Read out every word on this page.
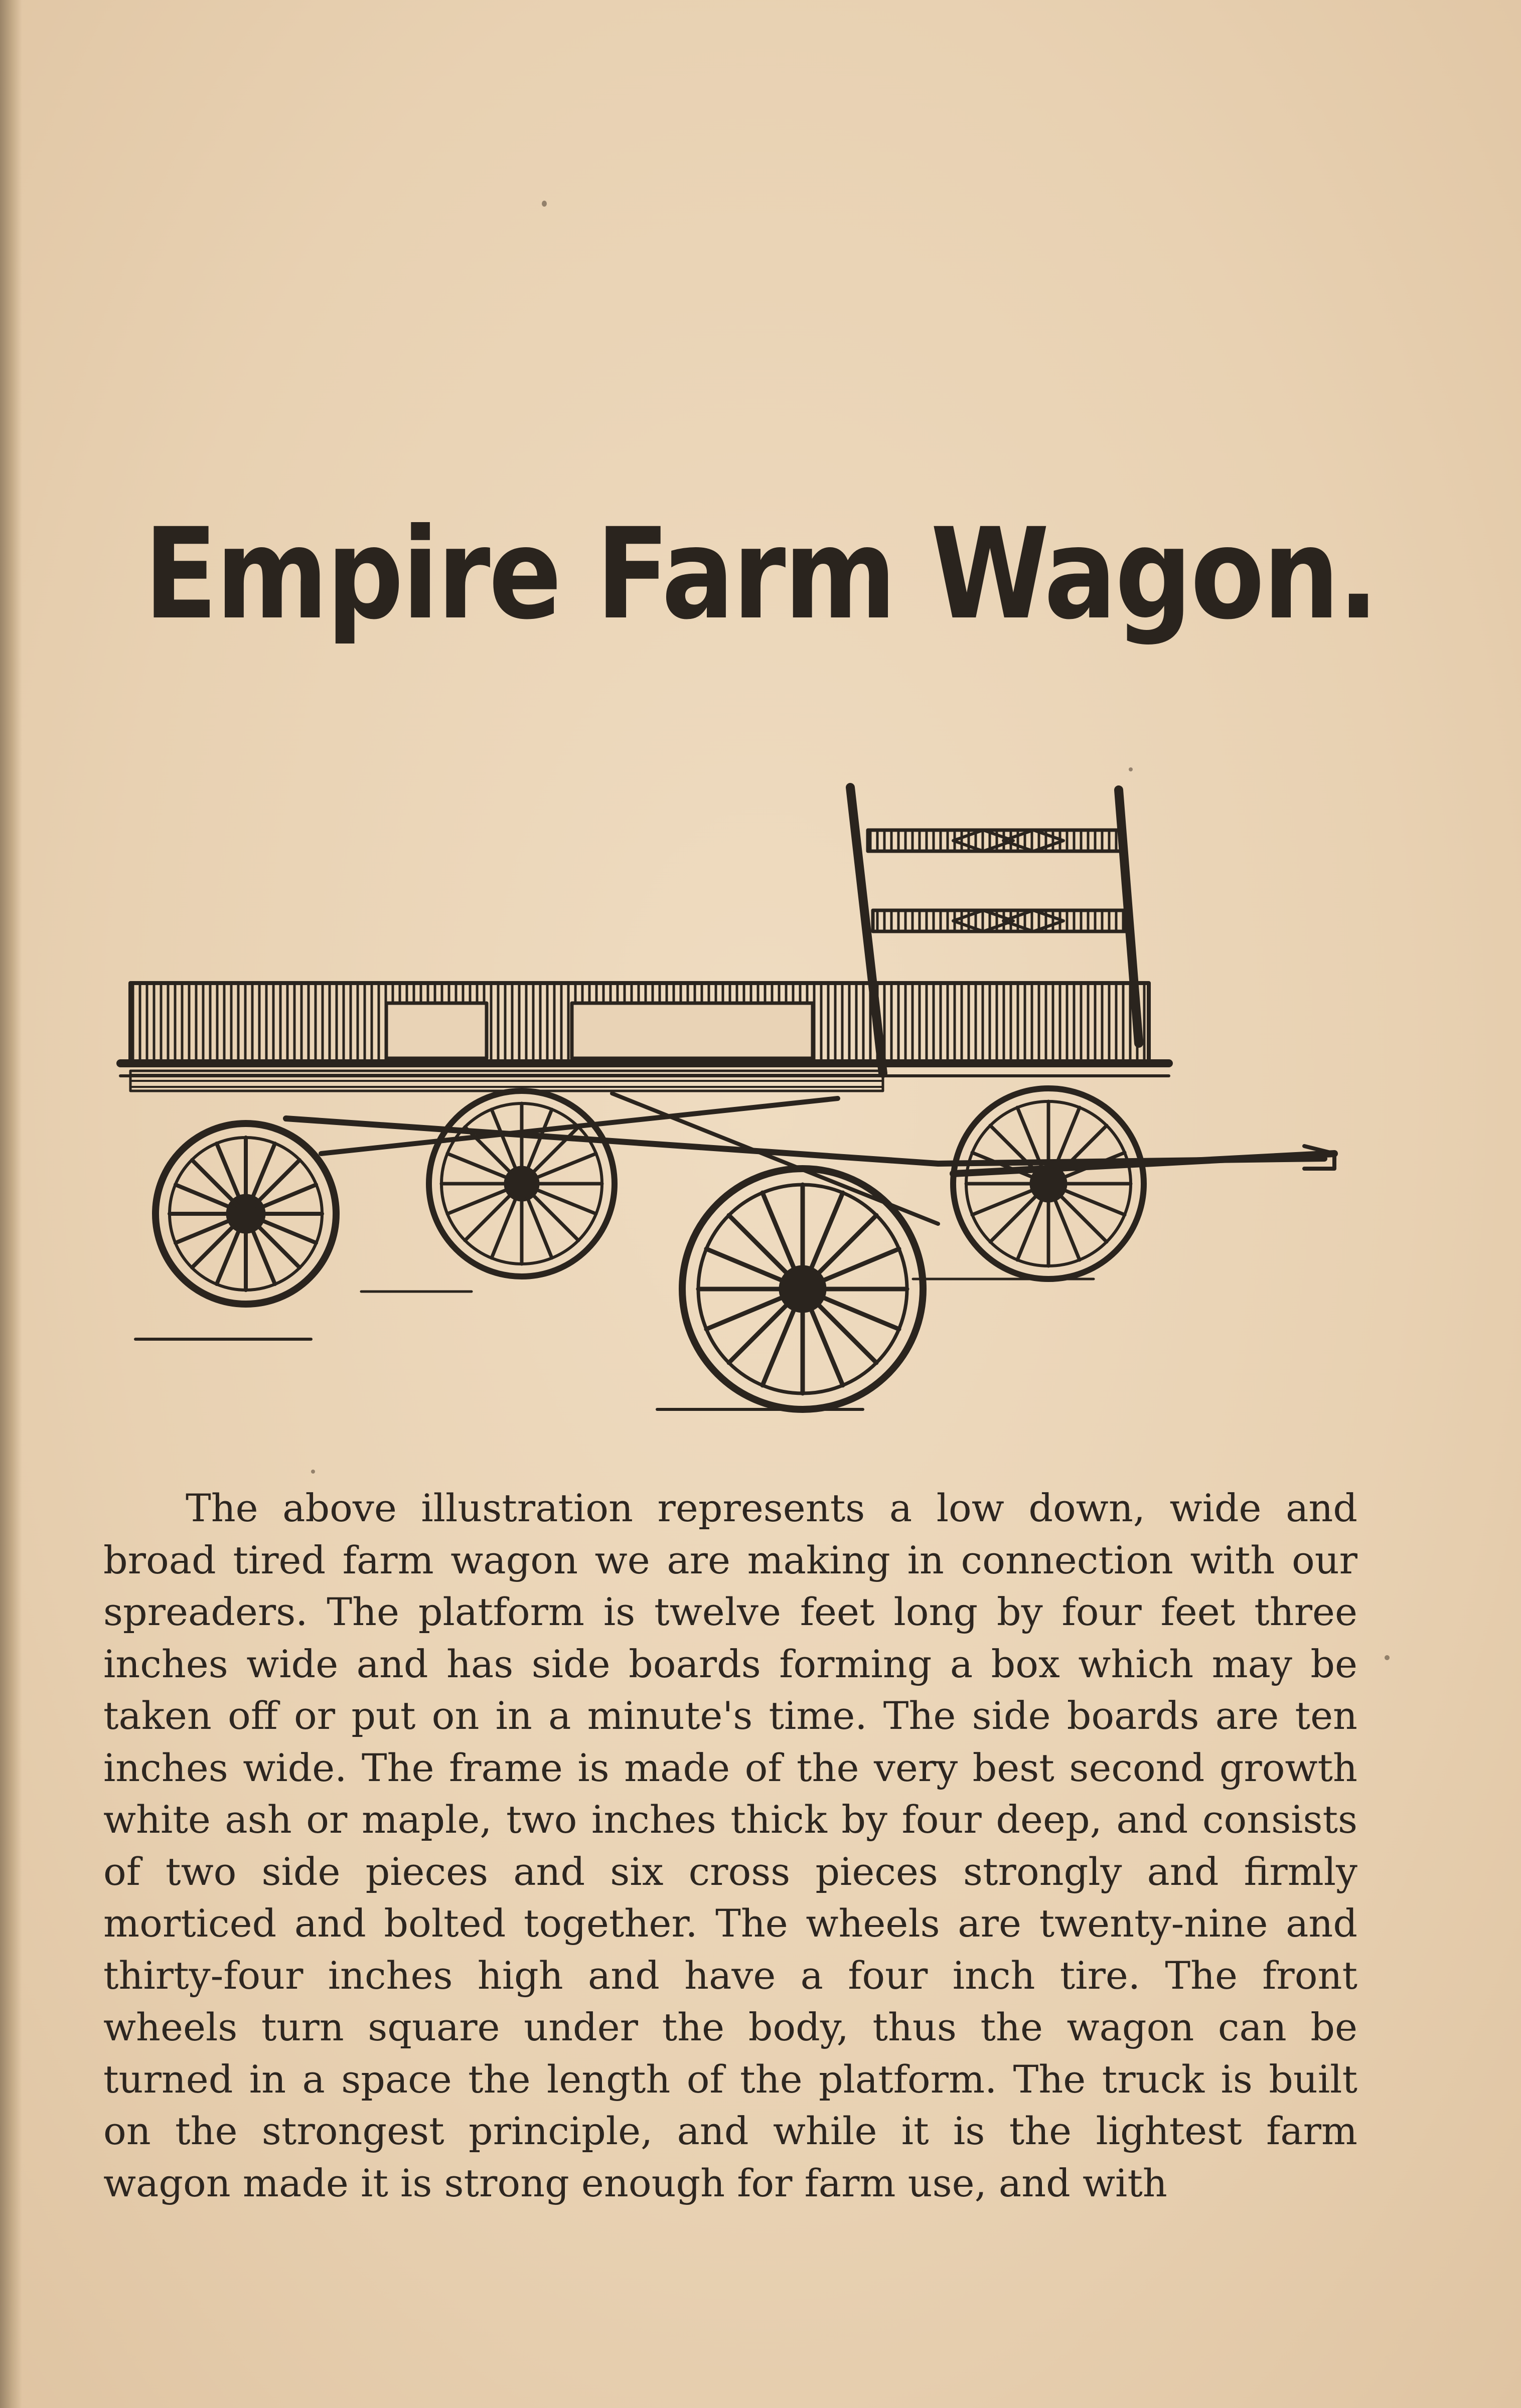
Empire Farm Wagon.

The above illustration represents a low down, wide and broad tired farm wagon we are making in connection with our spreaders. The platform is twelve feet long by four feet three inches wide and has side boards forming a box which may be taken off or put on in a minute's time. The side boards are ten inches wide. The frame is made of the very best second growth white ash or maple, two inches thick by four deep, and consists of two side pieces and six cross pieces strongly and firmly morticed and bolted together. The wheels are twenty-nine and thirty-four inches high and have a four inch tire. The front wheels turn square under the body, thus the wagon can be turned in a space the length of the platform. The truck is built on the strongest principle, and while it is the lightest farm wagon made it is strong enough for farm use, and with
